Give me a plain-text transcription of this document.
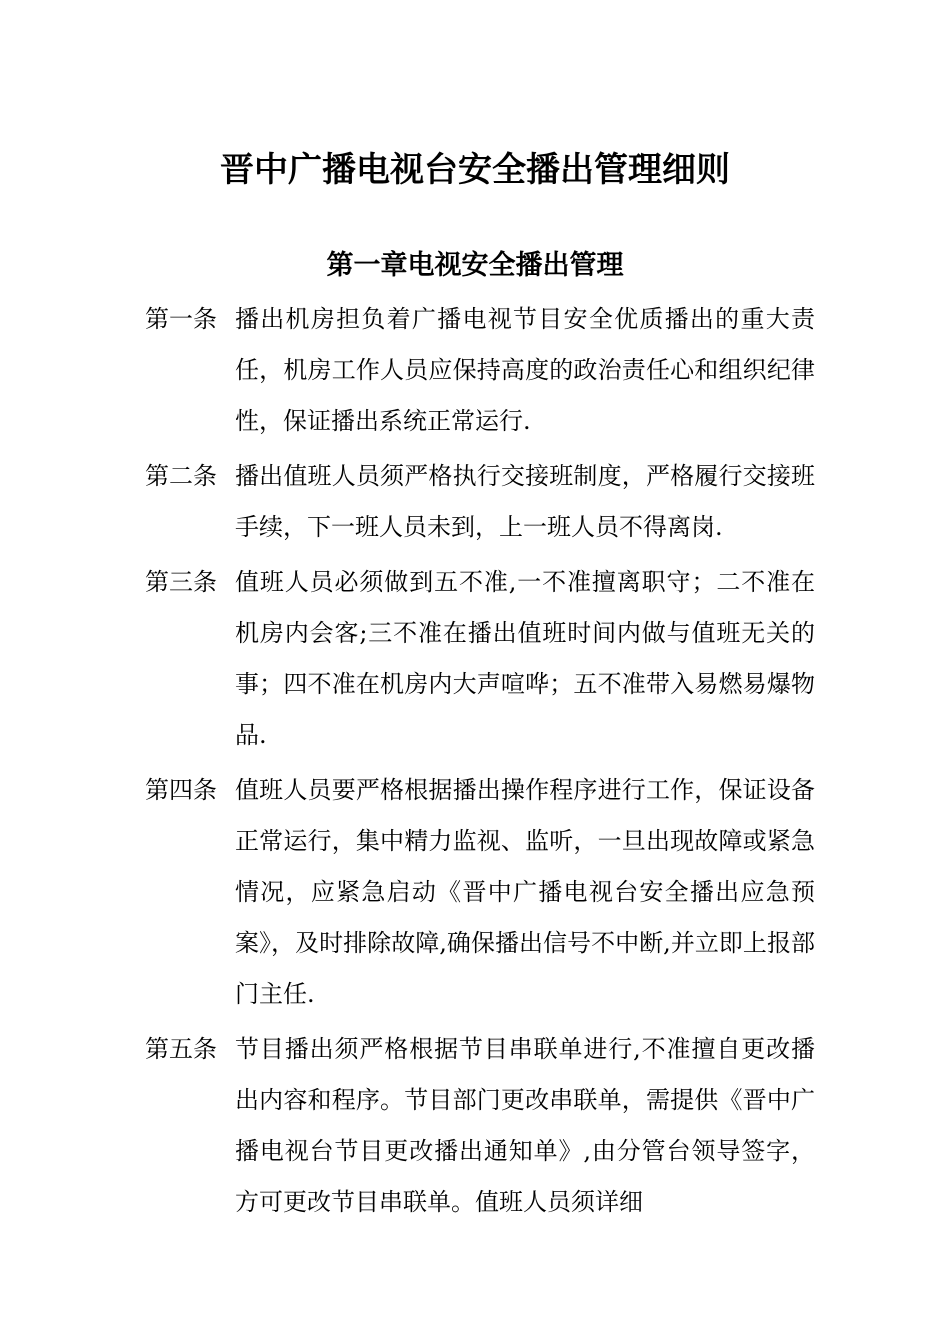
晋中广播电视台安全播出管理细则
第一章电视安全播出管理
第一条 播出机房担负着广播电视节目安全优质播出的重大责任，机房工作人员应保持高度的政治责任心和组织纪律性，保证播出系统正常运行.
第二条 播出值班人员须严格执行交接班制度，严格履行交接班手续，下一班人员未到，上一班人员不得离岗.
第三条 值班人员必须做到五不准,一不准擅离职守；二不准在机房内会客;三不准在播出值班时间内做与值班无关的事；四不准在机房内大声喧哗；五不准带入易燃易爆物品.
第四条 值班人员要严格根据播出操作程序进行工作，保证设备正常运行，集中精力监视、监听，一旦出现故障或紧急情况，应紧急启动《晋中广播电视台安全播出应急预案》，及时排除故障,确保播出信号不中断,并立即上报部门主任.
第五条 节目播出须严格根据节目串联单进行,不准擅自更改播出内容和程序。节目部门更改串联单，需提供《晋中广播电视台节目更改播出通知单》,由分管台领导签字，方可更改节目串联单。值班人员须详细
